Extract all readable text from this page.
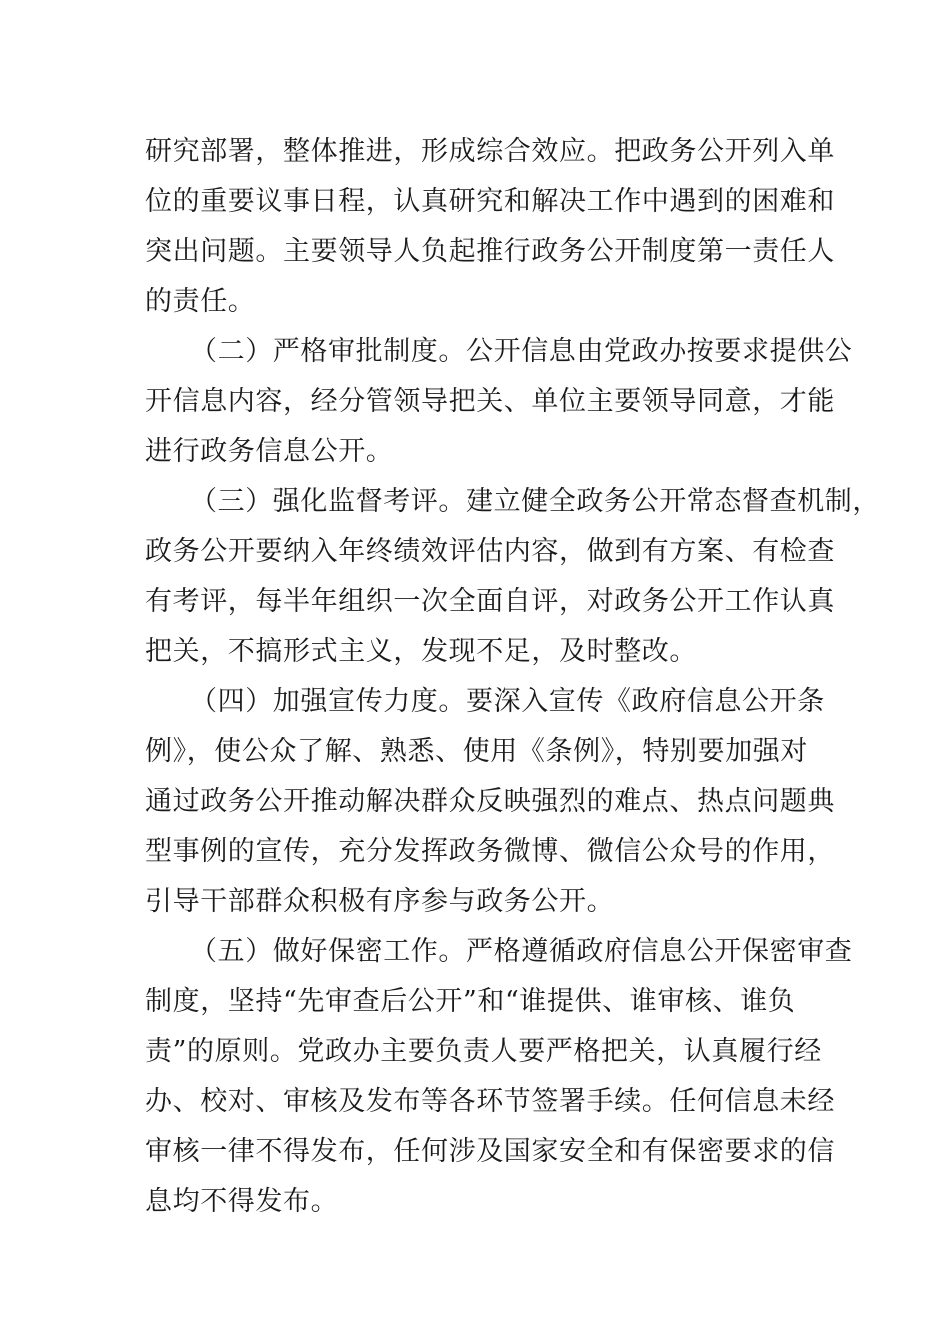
研究部署，整体推进，形成综合效应。把政务公开列入单
位的重要议事日程，认真研究和解决工作中遇到的困难和
突出问题。主要领导人负起推行政务公开制度第一责任人
的责任。
（二）严格审批制度。公开信息由党政办按要求提供公
开信息内容，经分管领导把关、单位主要领导同意，才能
进行政务信息公开。
（三）强化监督考评。建立健全政务公开常态督查机制，
政务公开要纳入年终绩效评估内容，做到有方案、有检查
有考评，每半年组织一次全面自评，对政务公开工作认真
把关，不搞形式主义，发现不足，及时整改。
（四）加强宣传力度。要深入宣传《政府信息公开条
例》，使公众了解、熟悉、使用《条例》，特别要加强对
通过政务公开推动解决群众反映强烈的难点、热点问题典
型事例的宣传，充分发挥政务微博、微信公众号的作用，
引导干部群众积极有序参与政务公开。
（五）做好保密工作。严格遵循政府信息公开保密审查
制度，坚持“先审查后公开”和“谁提供、谁审核、谁负
责”的原则。党政办主要负责人要严格把关，认真履行经
办、校对、审核及发布等各环节签署手续。任何信息未经
审核一律不得发布，任何涉及国家安全和有保密要求的信
息均不得发布。
